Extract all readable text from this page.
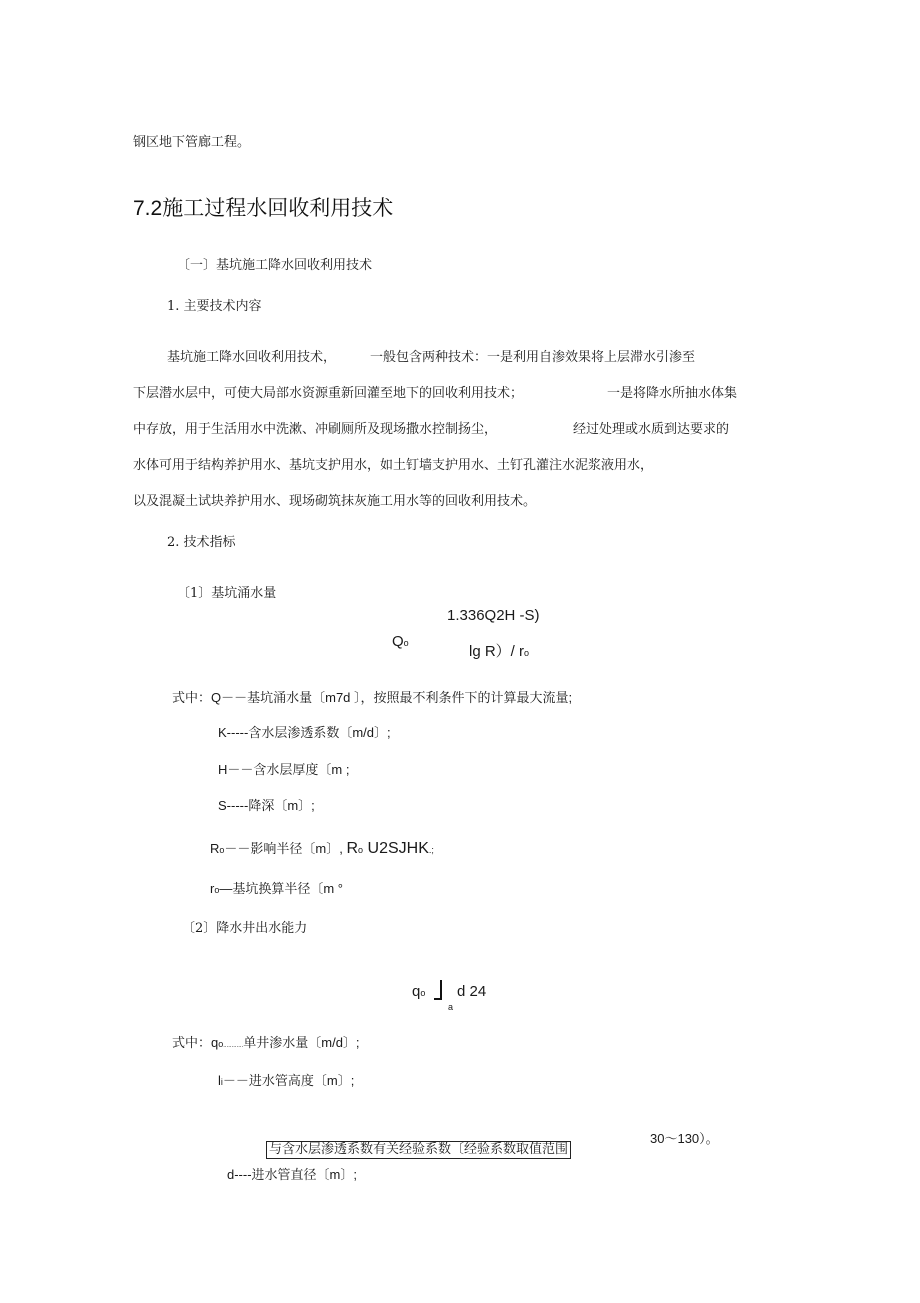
钢区地下管廊工程。
7.2施工过程水回收利用技术
〔一〕基坑施工降水回收利用技术
1. 主要技术内容
基坑施工降水回收利用技术，	一般包含两种技术：一是利用自渗效果将上层滞水引渗至
下层潜水层中，可使大局部水资源重新回灌至地下的回收利用技术；	一是将降水所抽水体集
中存放，用于生活用水中洗漱、冲刷厕所及现场撒水控制扬尘，	经过处理或水质到达要求的
水体可用于结构养护用水、基坑支护用水，如土钉墙支护用水、土钉孔灌注水泥浆液用水，
以及混凝土试块养护用水、现场砌筑抹灰施工用水等的回收利用技术。
2. 技术指标
〔1〕基坑涌水量
1.336Q2H -S)
Qo	lg R）/ ro
式中：Q－－基坑涌水量〔m7d 〕，按照最不利条件下的计算最大流量;
K-----含水层渗透系数〔m/d〕;
H－－含水层厚度〔m ;
S-----降深〔m〕;
Ro－－影响半径〔m〕, Ro U2SJHK.;
ro—基坑换算半径〔m °
〔2〕降水井出水能力
qo d 24
a
式中：qo............单井渗水量〔m/d〕;
li－－进水管高度〔m〕;
30～130）。
与含水层渗透系数有关经验系数〔经验系数取值范围
d----进水管直径〔m〕;
